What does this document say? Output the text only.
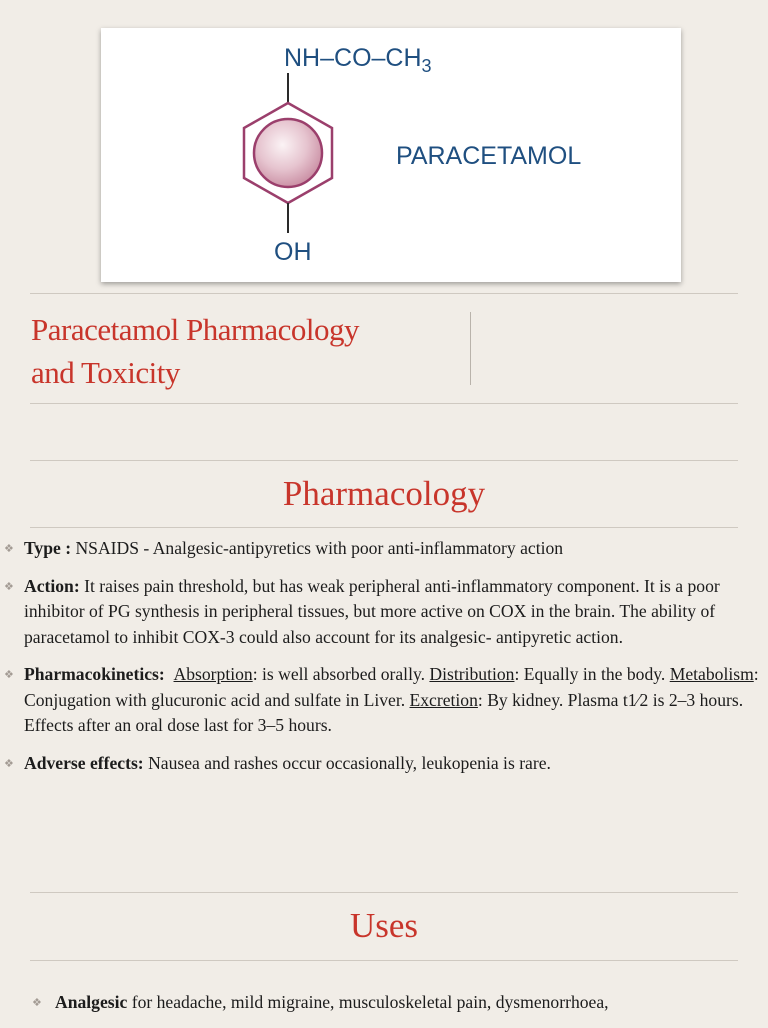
$NH-CO-CH_3$
PARACETAMOL
OH
Paracetamol Pharmacology
and Toxicity
Pharmacology
❖ Type : NSAIDS - Analgesic-antipyretics with poor anti-inflammatory action
❖ Action: It raises pain threshold, but has weak peripheral anti-inflammatory component. It is a poor inhibitor of PG synthesis in peripheral tissues, but more active on COX in the brain. The ability of paracetamol to inhibit COX-3 could also account for its analgesic- antipyretic action.
❖ Pharmacokinetics: Absorption: is well absorbed orally. Distribution: Equally in the body. Metabolism: Conjugation with glucuronic acid and sulfate in Liver. Excretion: By kidney. Plasma t1⁄2 is 2–3 hours. Effects after an oral dose last for 3–5 hours.
❖ Adverse effects: Nausea and rashes occur occasionally, leukopenia is rare.
Uses
❖ Analgesic for headache, mild migraine, musculoskeletal pain, dysmenorrhoea,
